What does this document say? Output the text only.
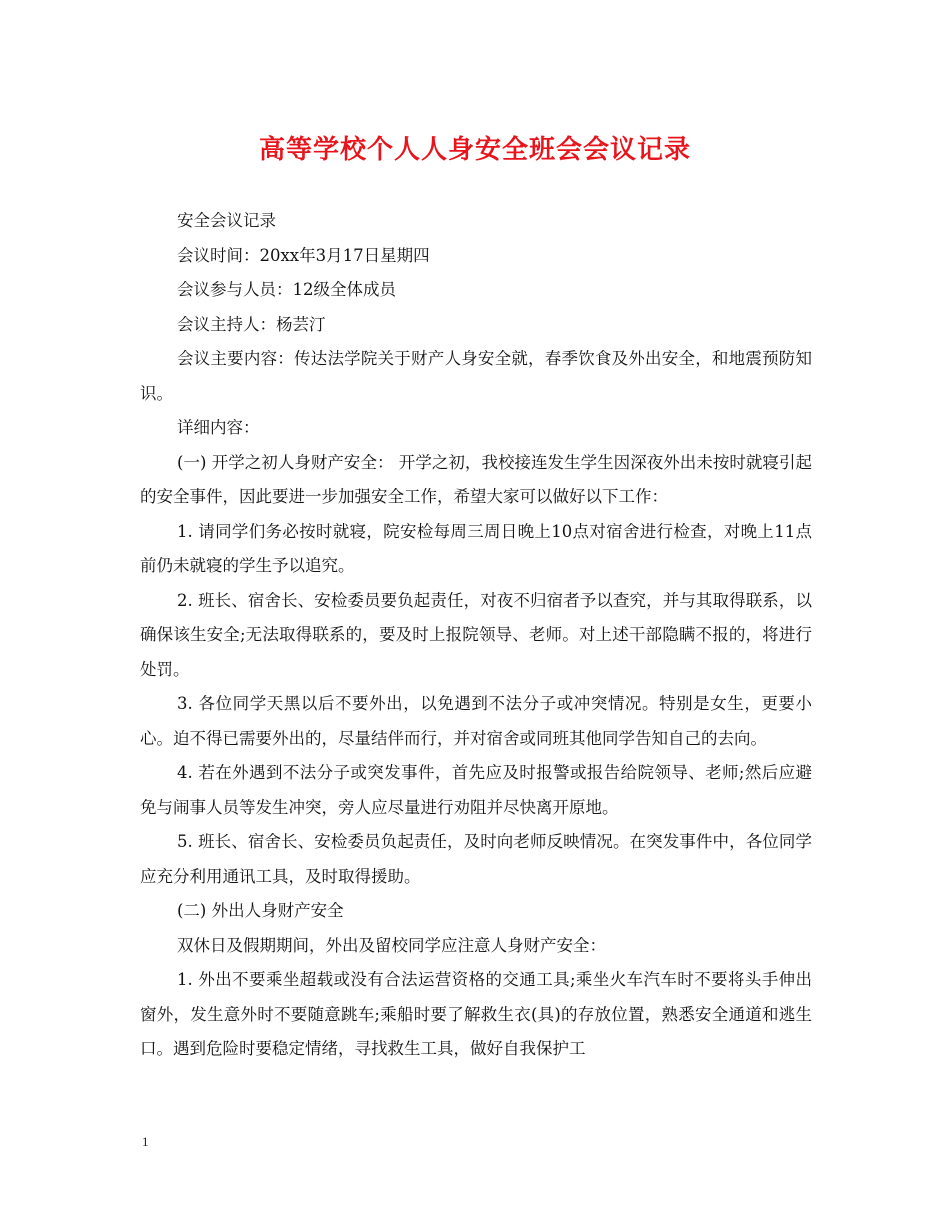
高等学校个人人身安全班会会议记录

安全会议记录

会议时间：20xx年3月17日星期四

会议参与人员：12级全体成员

会议主持人：杨芸汀

会议主要内容：传达法学院关于财产人身安全就，春季饮食及外出安全，和地震预防知识。

详细内容：

(一) 开学之初人身财产安全： 开学之初，我校接连发生学生因深夜外出未按时就寝引起的安全事件，因此要进一步加强安全工作，希望大家可以做好以下工作：

1. 请同学们务必按时就寝，院安检每周三周日晚上10点对宿舍进行检查，对晚上11点前仍未就寝的学生予以追究。

2. 班长、宿舍长、安检委员要负起责任，对夜不归宿者予以查究，并与其取得联系，以确保该生安全;无法取得联系的，要及时上报院领导、老师。对上述干部隐瞒不报的，将进行处罚。

3. 各位同学天黑以后不要外出，以免遇到不法分子或冲突情况。特别是女生，更要小心。迫不得已需要外出的，尽量结伴而行，并对宿舍或同班其他同学告知自己的去向。

4. 若在外遇到不法分子或突发事件，首先应及时报警或报告给院领导、老师;然后应避免与闹事人员等发生冲突，旁人应尽量进行劝阻并尽快离开原地。

5. 班长、宿舍长、安检委员负起责任，及时向老师反映情况。在突发事件中，各位同学应充分利用通讯工具，及时取得援助。

(二) 外出人身财产安全

双休日及假期期间，外出及留校同学应注意人身财产安全：

1. 外出不要乘坐超载或没有合法运营资格的交通工具;乘坐火车汽车时不要将头手伸出窗外，发生意外时不要随意跳车;乘船时要了解救生衣(具)的存放位置，熟悉安全通道和逃生口。遇到危险时要稳定情绪，寻找救生工具，做好自我保护工

1
